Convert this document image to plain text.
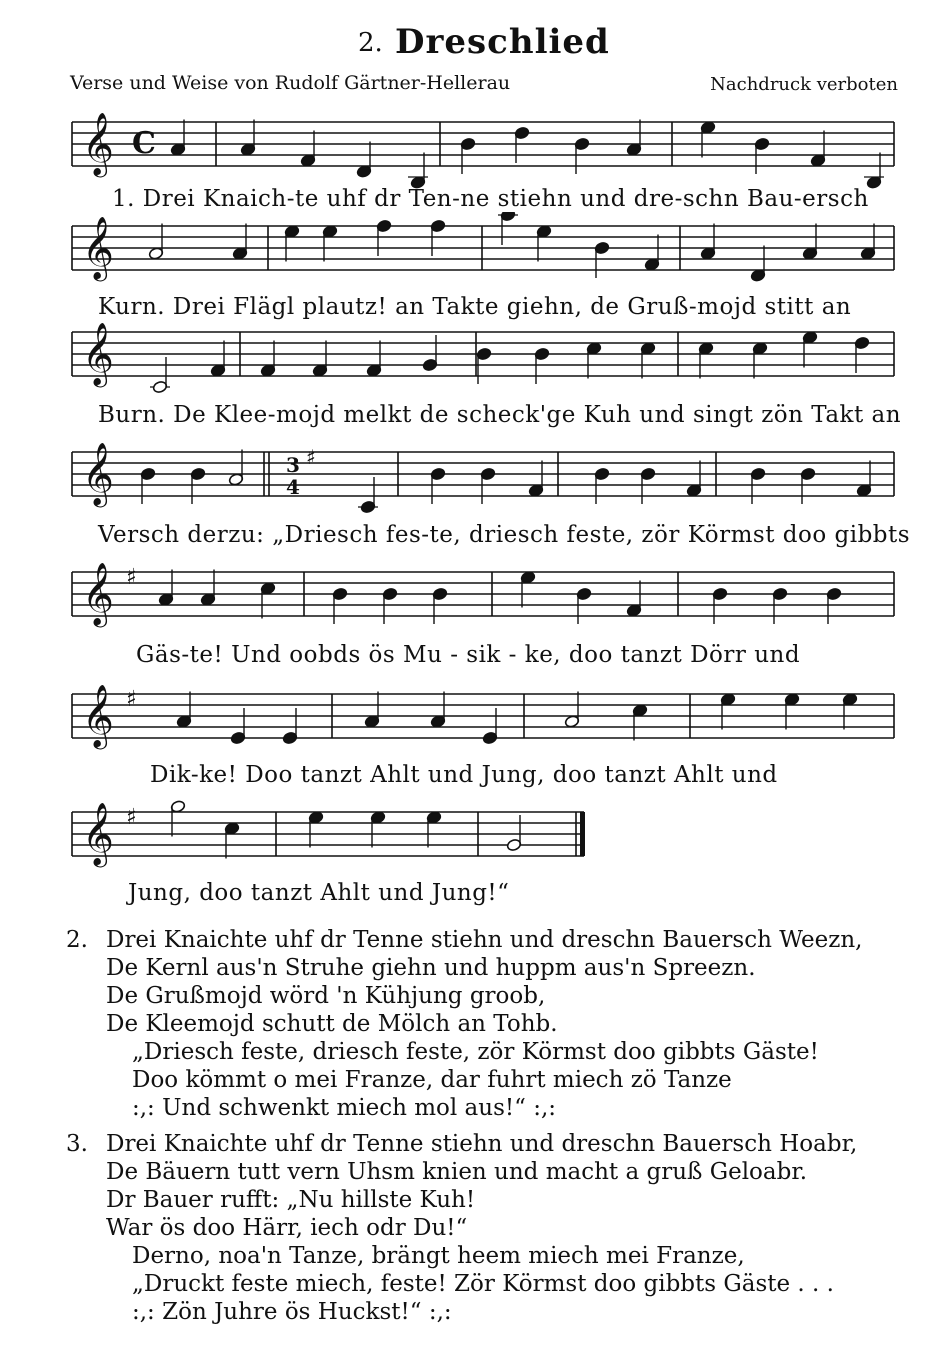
2. Dreschlied
Verse und Weise von Rudolf Gärtner-Hellerau	Nachdruck verboten
𝄞 C
𝄞
𝄞
𝄞	3
4
♯
𝄞 ♯
𝄞 ♯
𝄞 ♯
1. Drei Knaich-te uhf dr Ten-ne stiehn und dre-schn Bau-ersch
Kurn. Drei Flägl plautz! an Takte giehn, de Gruß-mojd stitt an
Burn. De Klee-mojd melkt de scheck'ge Kuh und singt zön Takt an
Versch derzu: „Driesch fes-te, driesch feste, zör Körmst doo gibbts
Gäs-te! Und oobds ös Mu - sik - ke, doo tanzt Dörr und
Dik-ke! Doo tanzt Ahlt und Jung, doo tanzt Ahlt und
Jung, doo tanzt Ahlt und Jung!“
2. Drei Knaichte uhf dr Tenne stiehn und dreschn Bauersch Weezn,
De Kernl aus'n Struhe giehn und huppm aus'n Spreezn.
De Grußmojd wörd 'n Kühjung groob,
De Kleemojd schutt de Mölch an Tohb.
„Driesch feste, driesch feste, zör Körmst doo gibbts Gäste!
Doo kömmt o mei Franze, dar fuhrt miech zö Tanze
:,: Und schwenkt miech mol aus!“ :,:
3. Drei Knaichte uhf dr Tenne stiehn und dreschn Bauersch Hoabr,
De Bäuern tutt vern Uhsm knien und macht a gruß Geloabr.
Dr Bauer rufft: „Nu hillste Kuh!
War ös doo Härr, iech odr Du!“
Derno, noa'n Tanze, brängt heem miech mei Franze,
„Druckt feste miech, feste! Zör Körmst doo gibbts Gäste . . .
:,: Zön Juhre ös Huckst!“ :,:
